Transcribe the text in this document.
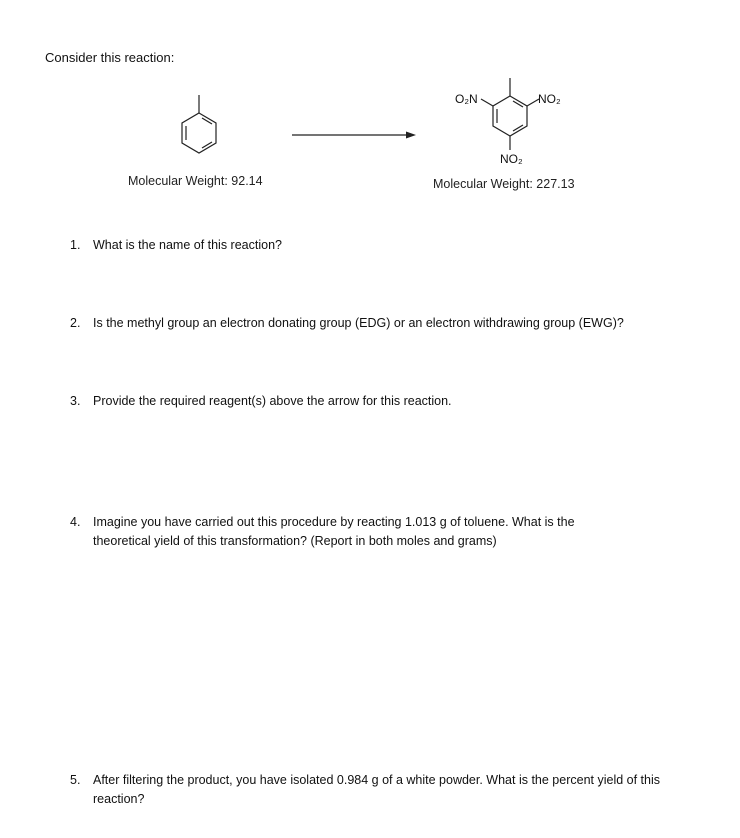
Consider this reaction:
O₂N	NO₂
NO₂
Molecular Weight: 92.14	Molecular Weight: 227.13
1.	What is the name of this reaction?
2.	Is the methyl group an electron donating group (EDG) or an electron withdrawing group (EWG)?
3.	Provide the required reagent(s) above the arrow for this reaction.
4.	Imagine you have carried out this procedure by reacting 1.013 g of toluene. What is the theoretical yield of this transformation? (Report in both moles and grams)
5.	After filtering the product, you have isolated 0.984 g of a white powder. What is the percent yield of this reaction?
